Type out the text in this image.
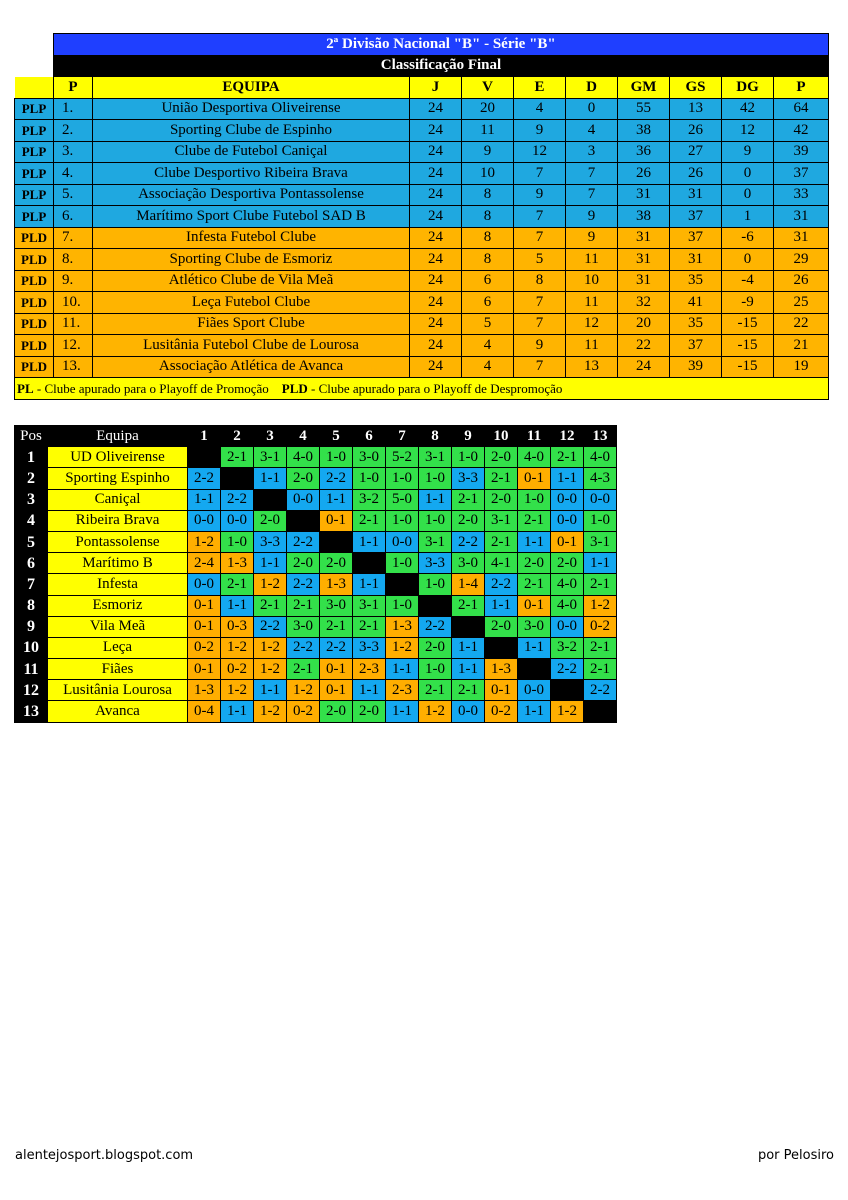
	2ª Divisão Nacional "B" - Série "B"									
	Classificação Final									
	P	EQUIPA	J	V	E	D	GM	GS	DG	P
PLP	1.	União Desportiva Oliveirense	24	20	4	0	55	13	42	64
PLP	2.	Sporting Clube de Espinho	24	11	9	4	38	26	12	42
PLP	3.	Clube de Futebol Caniçal	24	9	12	3	36	27	9	39
PLP	4.	Clube Desportivo Ribeira Brava	24	10	7	7	26	26	0	37
PLP	5.	Associação Desportiva Pontassolense	24	8	9	7	31	31	0	33
PLP	6.	Marítimo Sport Clube Futebol SAD B	24	8	7	9	38	37	1	31
PLD	7.	Infesta Futebol Clube	24	8	7	9	31	37	-6	31
PLD	8.	Sporting Clube de Esmoriz	24	8	5	11	31	31	0	29
PLD	9.	Atlético Clube de Vila Meã	24	6	8	10	31	35	-4	26
PLD	10.	Leça Futebol Clube	24	6	7	11	32	41	-9	25
PLD	11.	Fiães Sport Clube	24	5	7	12	20	35	-15	22
PLD	12.	Lusitânia Futebol Clube de Lourosa	24	4	9	11	22	37	-15	21
PLD	13.	Associação Atlética de Avanca	24	4	7	13	24	39	-15	19
PL - Clube apurado para o Playoff de Promoção PLD - Clube apurado para o Playoff de Despromoção										
Pos	Equipa	1	2	3	4	5	6	7	8	9	10	11	12	13
1	UD Oliveirense		2-1	3-1	4-0	1-0	3-0	5-2	3-1	1-0	2-0	4-0	2-1	4-0
2	Sporting Espinho	2-2		1-1	2-0	2-2	1-0	1-0	1-0	3-3	2-1	0-1	1-1	4-3
3	Caniçal	1-1	2-2		0-0	1-1	3-2	5-0	1-1	2-1	2-0	1-0	0-0	0-0
4	Ribeira Brava	0-0	0-0	2-0		0-1	2-1	1-0	1-0	2-0	3-1	2-1	0-0	1-0
5	Pontassolense	1-2	1-0	3-3	2-2		1-1	0-0	3-1	2-2	2-1	1-1	0-1	3-1
6	Marítimo B	2-4	1-3	1-1	2-0	2-0		1-0	3-3	3-0	4-1	2-0	2-0	1-1
7	Infesta	0-0	2-1	1-2	2-2	1-3	1-1		1-0	1-4	2-2	2-1	4-0	2-1
8	Esmoriz	0-1	1-1	2-1	2-1	3-0	3-1	1-0		2-1	1-1	0-1	4-0	1-2
9	Vila Meã	0-1	0-3	2-2	3-0	2-1	2-1	1-3	2-2		2-0	3-0	0-0	0-2
10	Leça	0-2	1-2	1-2	2-2	2-2	3-3	1-2	2-0	1-1		1-1	3-2	2-1
11	Fiães	0-1	0-2	1-2	2-1	0-1	2-3	1-1	1-0	1-1	1-3		2-2	2-1
12	Lusitânia Lourosa	1-3	1-2	1-1	1-2	0-1	1-1	2-3	2-1	2-1	0-1	0-0		2-2
13	Avanca	0-4	1-1	1-2	0-2	2-0	2-0	1-1	1-2	0-0	0-2	1-1	1-2	
alentejosport.blogspot.com	por Pelosiro
